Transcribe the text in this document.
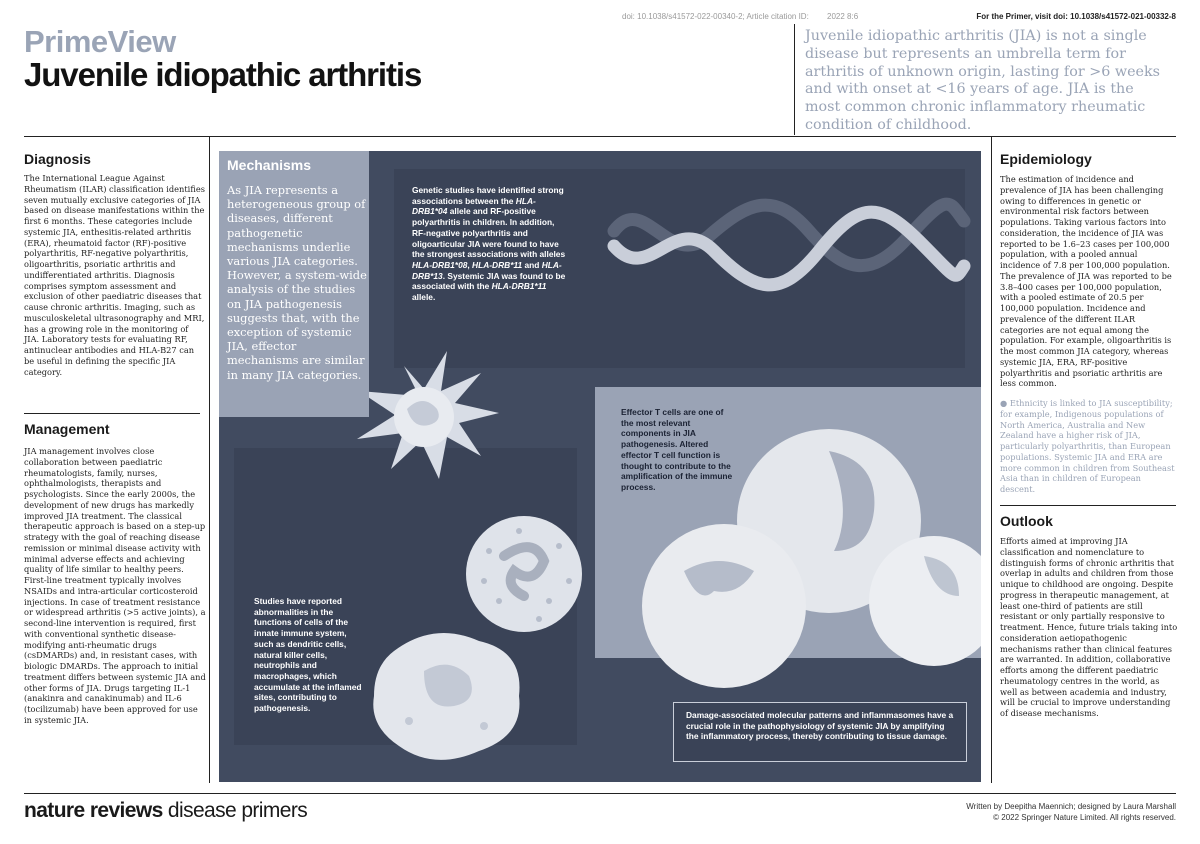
doi: 10.1038/s41572-022-00340-2; Article citation ID: 2022 8:6	For the Primer, visit doi: 10.1038/s41572-021-00332-8
PrimeView
Juvenile idiopathic arthritis
Juvenile idiopathic arthritis (JIA) is not a single disease but represents an umbrella term for arthritis of unknown origin, lasting for >6 weeks and with onset at <16 years of age. JIA is the most common chronic inflammatory rheumatic condition of childhood.
Diagnosis
The International League Against Rheumatism (ILAR) classification identifies seven mutually exclusive categories of JIA based on disease manifestations within the first 6 months. These categories include systemic JIA, enthesitis-related arthritis (ERA), rheumatoid factor (RF)-positive polyarthritis, RF-negative polyarthritis, oligoarthritis, psoriatic arthritis and undifferentiated arthritis. Diagnosis comprises symptom assessment and exclusion of other paediatric diseases that cause chronic arthritis. Imaging, such as musculoskeletal ultrasonography and MRI, has a growing role in the monitoring of JIA. Laboratory tests for evaluating RF, antinuclear antibodies and HLA-B27 can be useful in defining the specific JIA category.
Management
JIA management involves close collaboration between paediatric rheumatologists, family, nurses, ophthalmologists, therapists and psychologists. Since the early 2000s, the development of new drugs has markedly improved JIA treatment. The classical therapeutic approach is based on a step-up strategy with the goal of reaching disease remission or minimal disease activity with minimal adverse effects and achieving quality of life similar to healthy peers. First-line treatment typically involves NSAIDs and intra-articular corticosteroid injections. In case of treatment resistance or widespread arthritis (>5 active joints), a second-line intervention is required, first with conventional synthetic disease-modifying anti-rheumatic drugs (csDMARDs) and, in resistant cases, with biologic DMARDs. The approach to initial treatment differs between systemic JIA and other forms of JIA. Drugs targeting IL-1 (anakinra and canakinumab) and IL-6 (tocilizumab) have been approved for use in systemic JIA.
Mechanisms
As JIA represents a heterogeneous group of diseases, different pathogenetic mechanisms underlie various JIA categories. However, a system-wide analysis of the studies on JIA pathogenesis suggests that, with the exception of systemic JIA, effector mechanisms are similar in many JIA categories.
Genetic studies have identified strong associations between the HLA-DRB1*04 allele and RF-positive polyarthritis in children. In addition, RF-negative polyarthritis and oligoarticular JIA were found to have the strongest associations with alleles HLA-DRB1*08, HLA-DRB*11 and HLA-DRB*13. Systemic JIA was found to be associated with the HLA-DRB1*11 allele.
Effector T cells are one of the most relevant components in JIA pathogenesis. Altered effector T cell function is thought to contribute to the amplification of the immune process.
Studies have reported abnormalities in the functions of cells of the innate immune system, such as dendritic cells, natural killer cells, neutrophils and macrophages, which accumulate at the inflamed sites, contributing to pathogenesis.
Damage-associated molecular patterns and inflammasomes have a crucial role in the pathophysiology of systemic JIA by amplifying the inflammatory process, thereby contributing to tissue damage.
Epidemiology
The estimation of incidence and prevalence of JIA has been challenging owing to differences in genetic or environmental risk factors between populations. Taking various factors into consideration, the incidence of JIA was reported to be 1.6–23 cases per 100,000 population, with a pooled annual incidence of 7.8 per 100,000 population. The prevalence of JIA was reported to be 3.8–400 cases per 100,000 population, with a pooled estimate of 20.5 per 100,000 population. Incidence and prevalence of the different ILAR categories are not equal among the population. For example, oligoarthritis is the most common JIA category, whereas systemic JIA, ERA, RF-positive polyarthritis and psoriatic arthritis are less common.
● Ethnicity is linked to JIA susceptibility; for example, Indigenous populations of North America, Australia and New Zealand have a higher risk of JIA, particularly polyarthritis, than European populations. Systemic JIA and ERA are more common in children from Southeast Asia than in children of European descent.
Outlook
Efforts aimed at improving JIA classification and nomenclature to distinguish forms of chronic arthritis that overlap in adults and children from those unique to childhood are ongoing. Despite progress in therapeutic management, at least one-third of patients are still resistant or only partially responsive to treatment. Hence, future trials taking into consideration aetiopathogenic mechanisms rather than clinical features are warranted. In addition, collaborative efforts among the different paediatric rheumatology centres in the world, as well as between academia and industry, will be crucial to improve understanding of disease mechanisms.
nature reviews disease primers	Written by Deepitha Maennich; designed by Laura Marshall
© 2022 Springer Nature Limited. All rights reserved.
